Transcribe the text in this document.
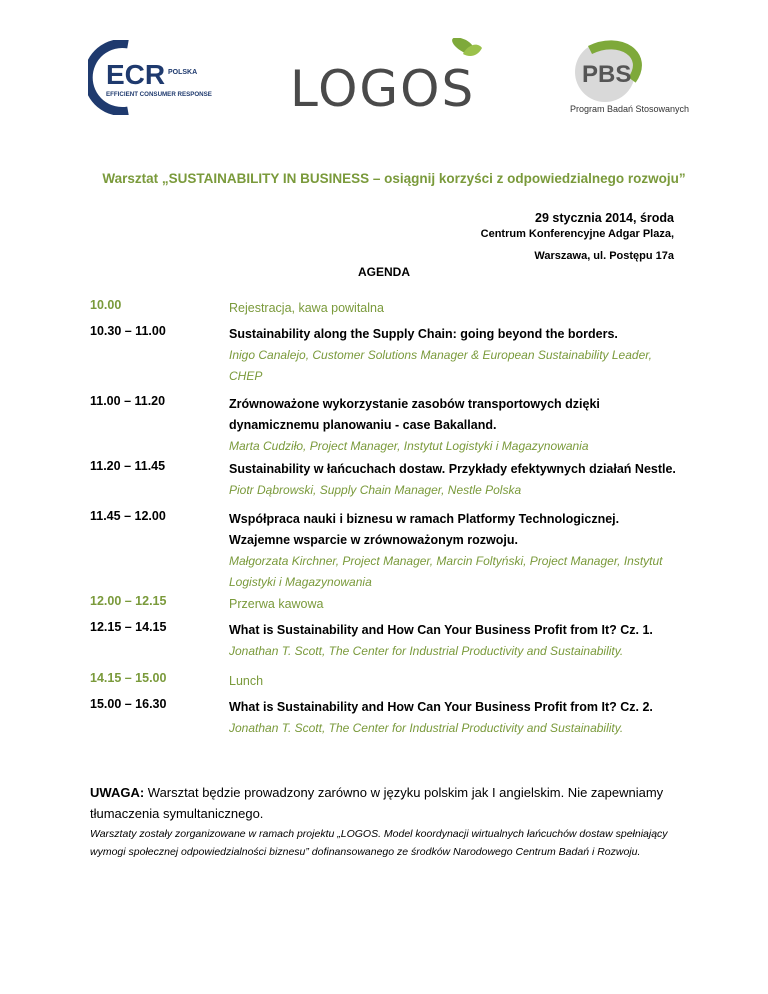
ECR POLSKA
EFFICIENT CONSUMER RESPONSE LOGOS	PBS
Program Badań Stosowanych
Warsztat „SUSTAINABILITY IN BUSINESS – osiągnij korzyści z odpowiedzialnego rozwoju”
29 stycznia 2014, środa
Centrum Konferencyjne Adgar Plaza,
Warszawa, ul. Postępu 17a
AGENDA
10.00	Rejestracja, kawa powitalna
10.30 – 11.00	Sustainability along the Supply Chain: going beyond the borders.
Inigo Canalejo, Customer Solutions Manager & European Sustainability Leader, CHEP
11.00 – 11.20	Zrównoważone wykorzystanie zasobów transportowych dzięki dynamicznemu planowaniu - case Bakalland.
Marta Cudziło, Project Manager, Instytut Logistyki i Magazynowania
11.20 – 11.45	Sustainability w łańcuchach dostaw. Przykłady efektywnych działań Nestle.
Piotr Dąbrowski, Supply Chain Manager, Nestle Polska
11.45 – 12.00	Współpraca nauki i biznesu w ramach Platformy Technologicznej. Wzajemne wsparcie w zrównoważonym rozwoju.
Małgorzata Kirchner, Project Manager, Marcin Foltyński, Project Manager, Instytut Logistyki i Magazynowania
12.00 – 12.15	Przerwa kawowa
12.15 – 14.15	What is Sustainability and How Can Your Business Profit from It? Cz. 1.
Jonathan T. Scott, The Center for Industrial Productivity and Sustainability.
14.15 – 15.00	Lunch
15.00 – 16.30	What is Sustainability and How Can Your Business Profit from It? Cz. 2.
Jonathan T. Scott, The Center for Industrial Productivity and Sustainability.
UWAGA: Warsztat będzie prowadzony zarówno w języku polskim jak I angielskim. Nie zapewniamy tłumaczenia symultanicznego.
Warsztaty zostały zorganizowane w ramach projektu „LOGOS. Model koordynacji wirtualnych łańcuchów dostaw spełniający wymogi społecznej odpowiedzialności biznesu” dofinansowanego ze środków Narodowego Centrum Badań i Rozwoju.
